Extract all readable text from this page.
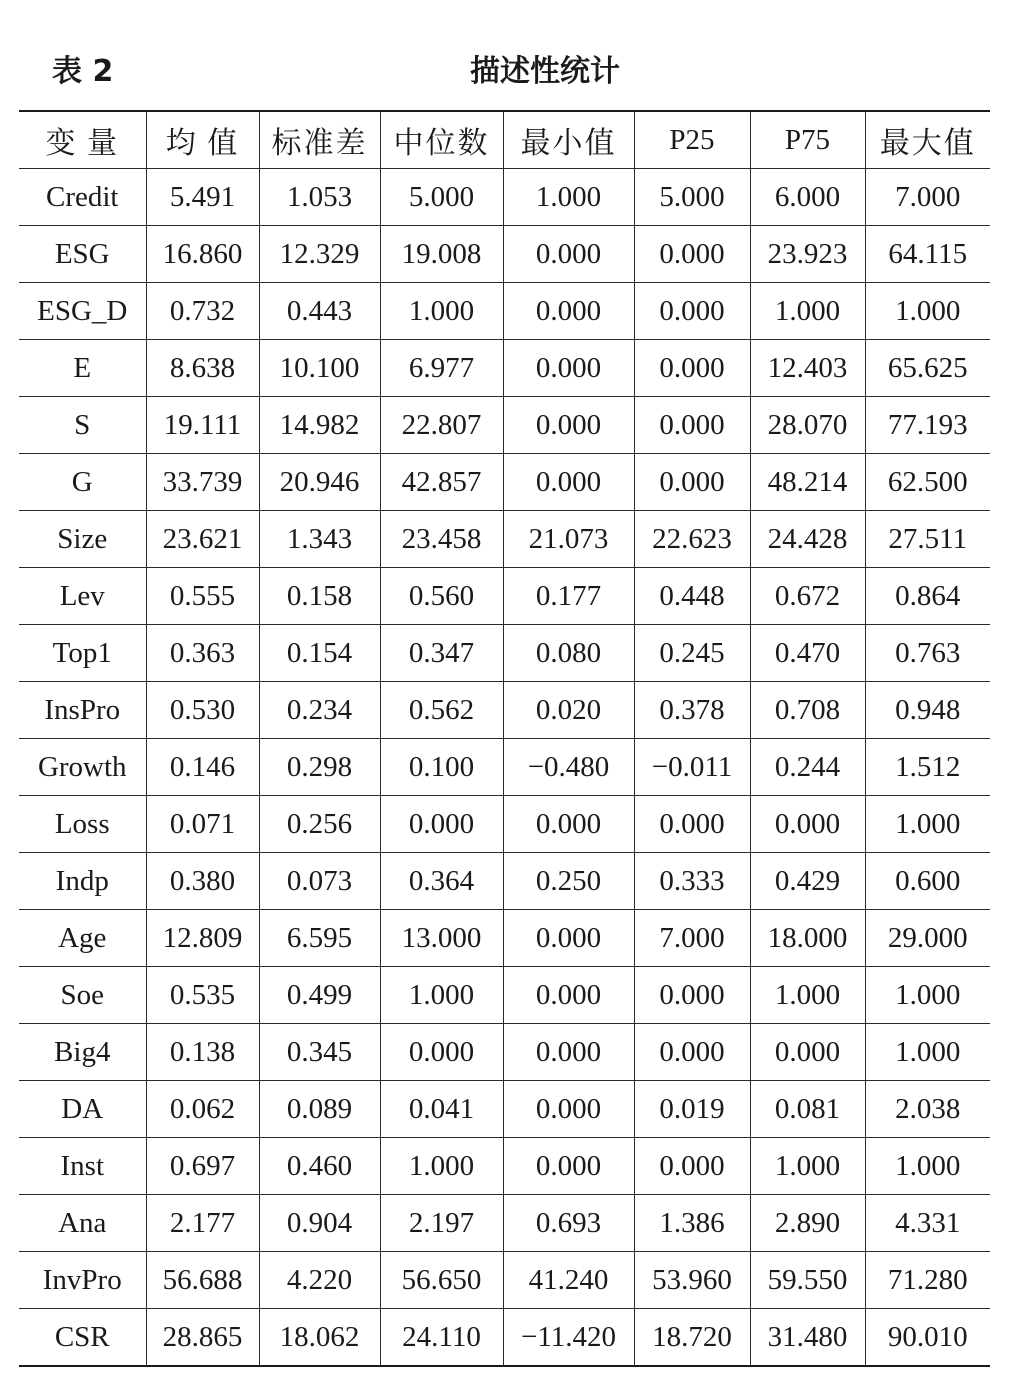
表 2	描述性统计
变 量	均 值	标准差	中位数	最小值	P25	P75	最大值
Credit	5.491	1.053	5.000	1.000	5.000	6.000	7.000
ESG	16.860	12.329	19.008	0.000	0.000	23.923	64.115
ESG_D	0.732	0.443	1.000	0.000	0.000	1.000	1.000
E	8.638	10.100	6.977	0.000	0.000	12.403	65.625
S	19.111	14.982	22.807	0.000	0.000	28.070	77.193
G	33.739	20.946	42.857	0.000	0.000	48.214	62.500
Size	23.621	1.343	23.458	21.073	22.623	24.428	27.511
Lev	0.555	0.158	0.560	0.177	0.448	0.672	0.864
Top1	0.363	0.154	0.347	0.080	0.245	0.470	0.763
InsPro	0.530	0.234	0.562	0.020	0.378	0.708	0.948
Growth	0.146	0.298	0.100	−0.480	−0.011	0.244	1.512
Loss	0.071	0.256	0.000	0.000	0.000	0.000	1.000
Indp	0.380	0.073	0.364	0.250	0.333	0.429	0.600
Age	12.809	6.595	13.000	0.000	7.000	18.000	29.000
Soe	0.535	0.499	1.000	0.000	0.000	1.000	1.000
Big4	0.138	0.345	0.000	0.000	0.000	0.000	1.000
DA	0.062	0.089	0.041	0.000	0.019	0.081	2.038
Inst	0.697	0.460	1.000	0.000	0.000	1.000	1.000
Ana	2.177	0.904	2.197	0.693	1.386	2.890	4.331
InvPro	56.688	4.220	56.650	41.240	53.960	59.550	71.280
CSR	28.865	18.062	24.110	−11.420	18.720	31.480	90.010
